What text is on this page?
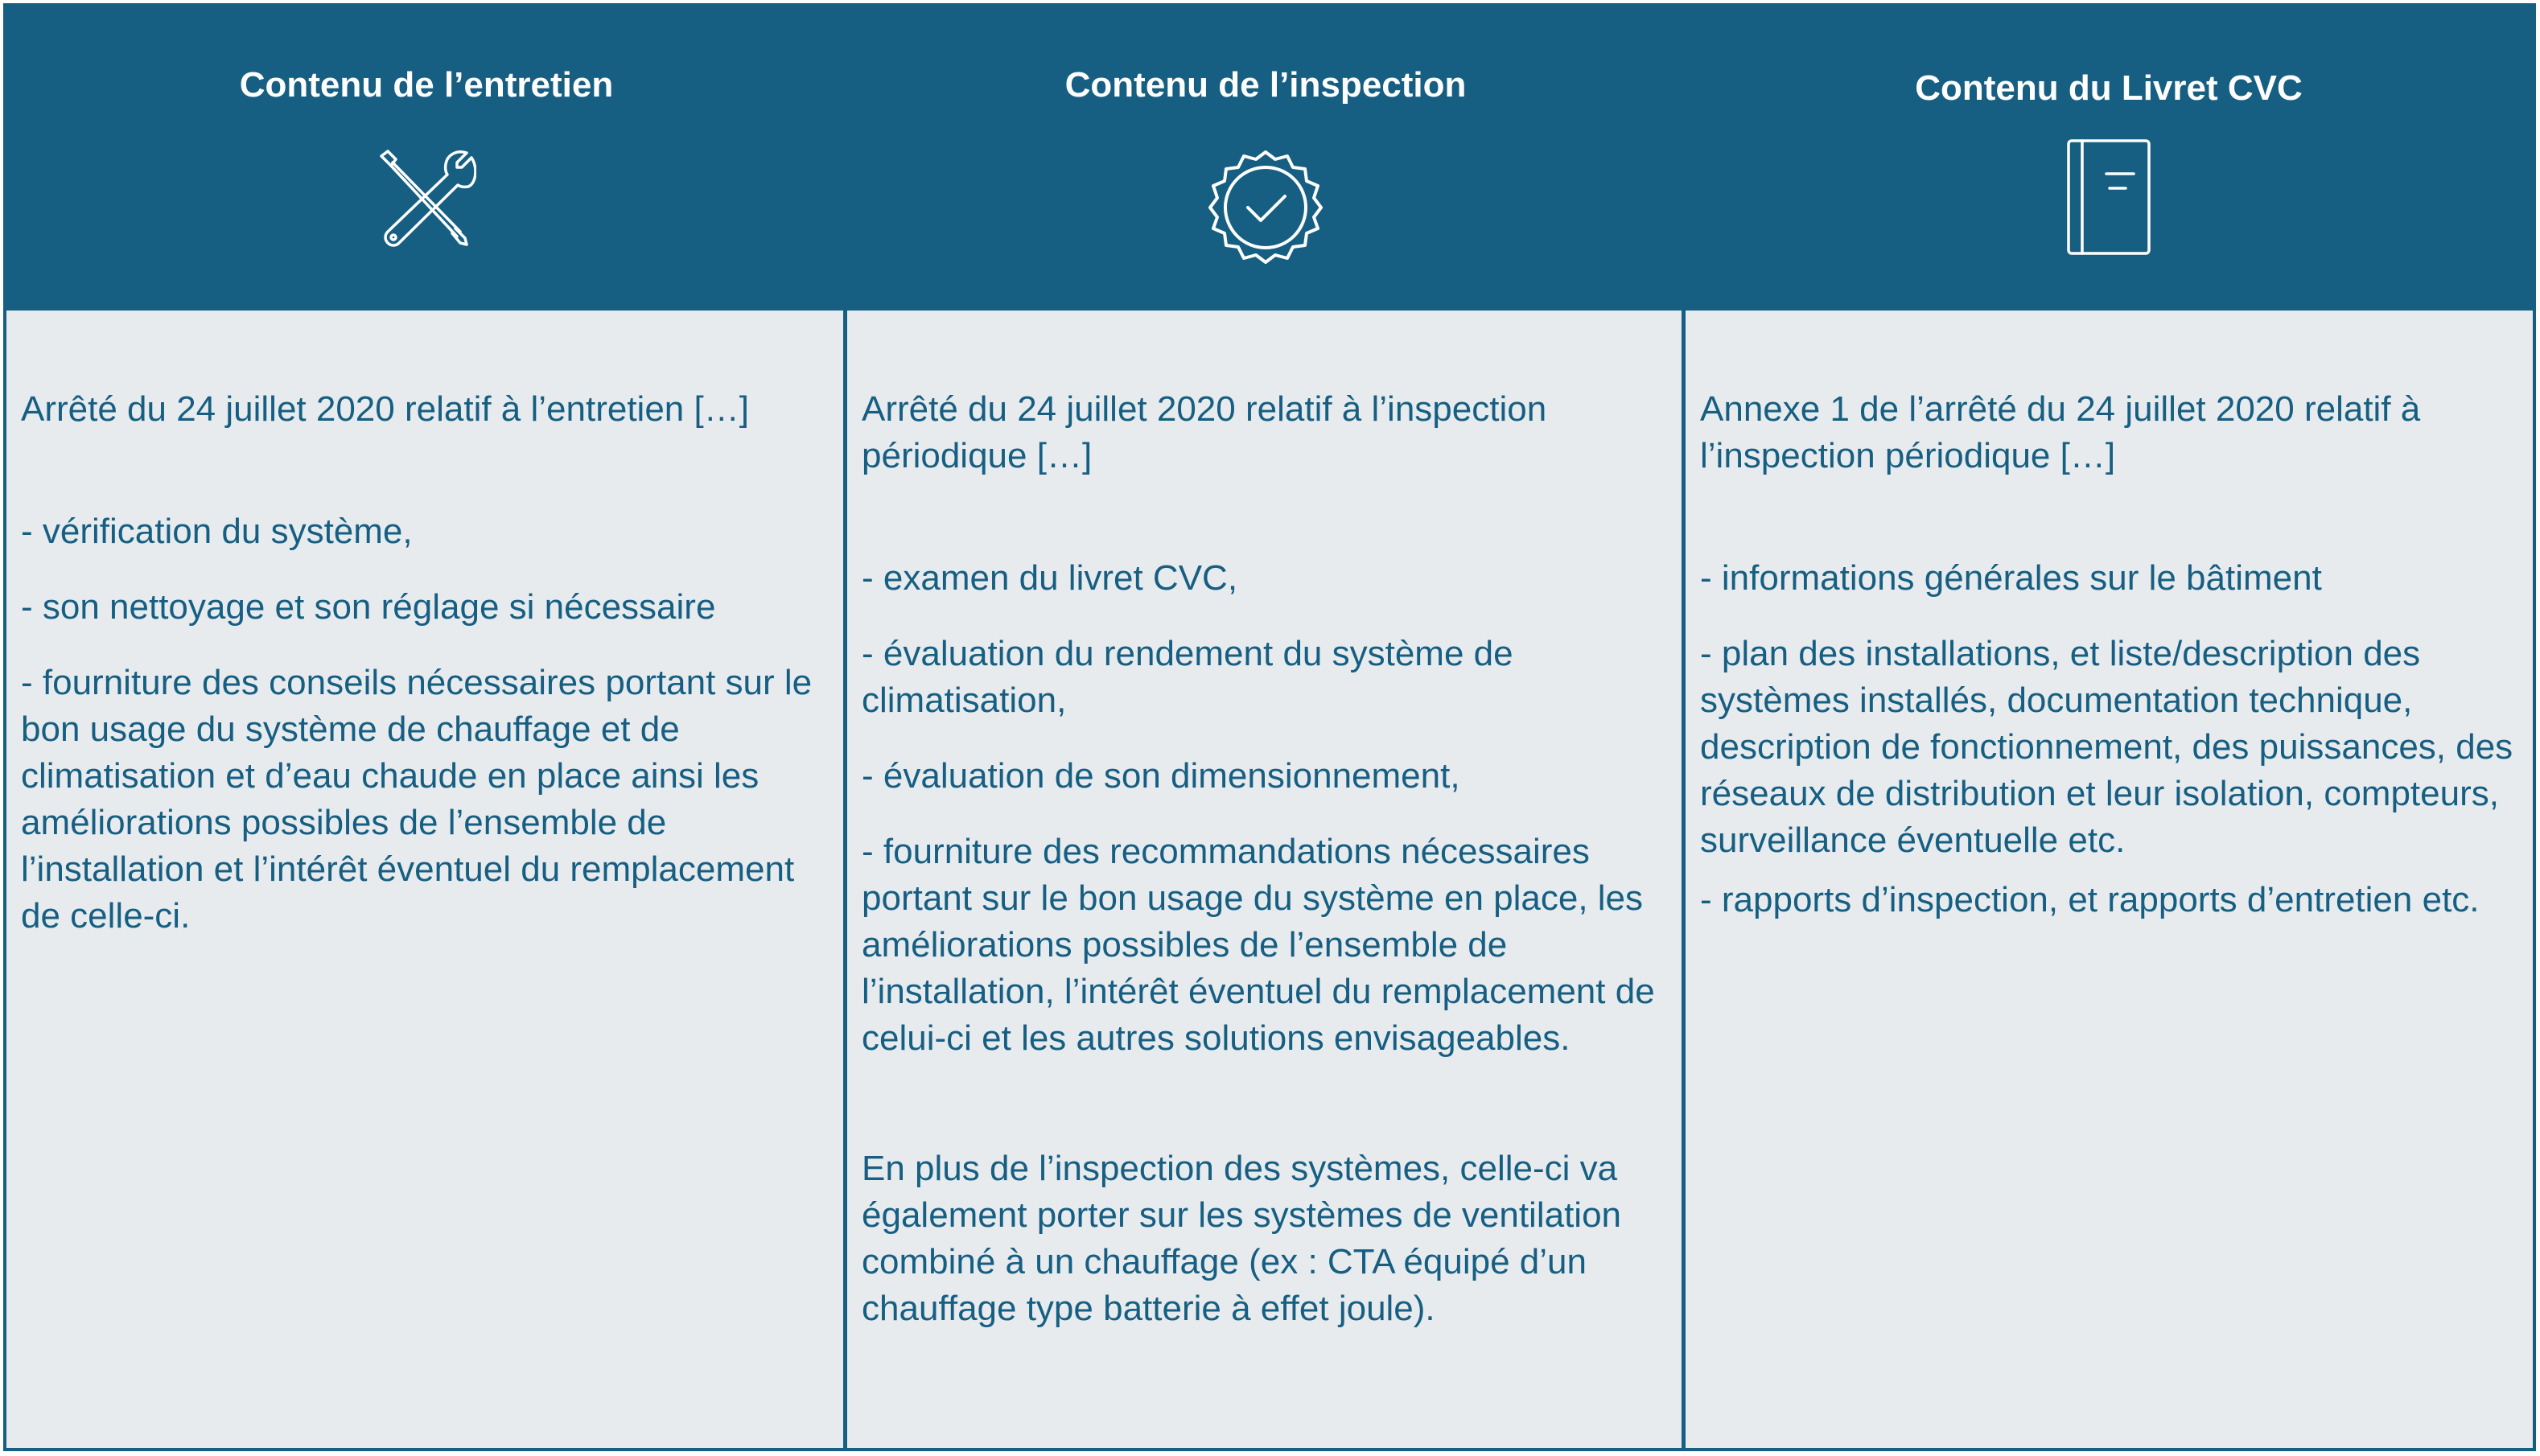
Contenu de l’entretien	Contenu de l’inspection	Contenu du Livret CVC

Arrêté du 24 juillet 2020 relatif à l’entretien […]

- vérification du système,

- son nettoyage et son réglage si nécessaire

- fourniture des conseils nécessaires portant sur le bon usage du système de chauffage et de climatisation et d’eau chaude en place ainsi les améliorations possibles de l’ensemble de l’installation et l’intérêt éventuel du remplacement de celle-ci.

Arrêté du 24 juillet 2020 relatif à l’inspection périodique […]

- examen du livret CVC,

- évaluation du rendement du système de climatisation,

- évaluation de son dimensionnement,

- fourniture des recommandations nécessaires portant sur le bon usage du système en place, les améliorations possibles de l’ensemble de l’installation, l’intérêt éventuel du remplacement de celui-ci et les autres solutions envisageables.

En plus de l’inspection des systèmes, celle-ci va également porter sur les systèmes de ventilation combiné à un chauffage (ex : CTA équipé d’un chauffage type batterie à effet joule).

Annexe 1 de l’arrêté du 24 juillet 2020 relatif à l’inspection périodique […]

- informations générales sur le bâtiment

- plan des installations, et liste/description des systèmes installés, documentation technique, description de fonctionnement, des puissances, des réseaux de distribution et leur isolation, compteurs, surveillance éventuelle etc.

- rapports d’inspection, et rapports d’entretien etc.
